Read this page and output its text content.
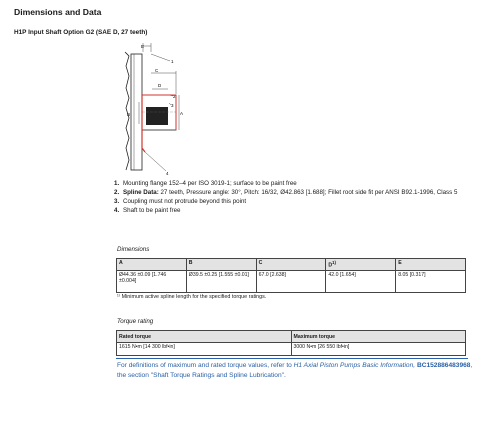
Dimensions and Data
H1P Input Shaft Option G2 (SAE D, 27 teeth)
E
C
D
A
B
1
2
3
4
Mounting flange 152–4 per ISO 3019-1; surface to be paint free
Spline Data: 27 teeth, Pressure angle: 30°, Pitch: 16/32, Ø42.863 [1.688]; Fillet root side fit per ANSI B92.1-1996, Class 5
Coupling must not protrude beyond this point
Shaft to be paint free
Dimensions
A	B	C	$D^{1)}$	E
Ø44.36 ±0.09 [1.746 ±0.004]	Ø39.5 ±0.25 [1.555 ±0.01]	67.0 [2.638]	42.0 [1.654]	8.05 [0.317]
¹⁾ Minimum active spline length for the specified torque ratings.
Torque rating
Rated torque	Maximum torque
1615 N•m [14 300 lbf•in]	3000 N•m [26 550 lbf•in]
For definitions of maximum and rated torque values, refer to H1 Axial Piston Pumps Basic Information, BC152886483968, the section "Shaft Torque Ratings and Spline Lubrication".
